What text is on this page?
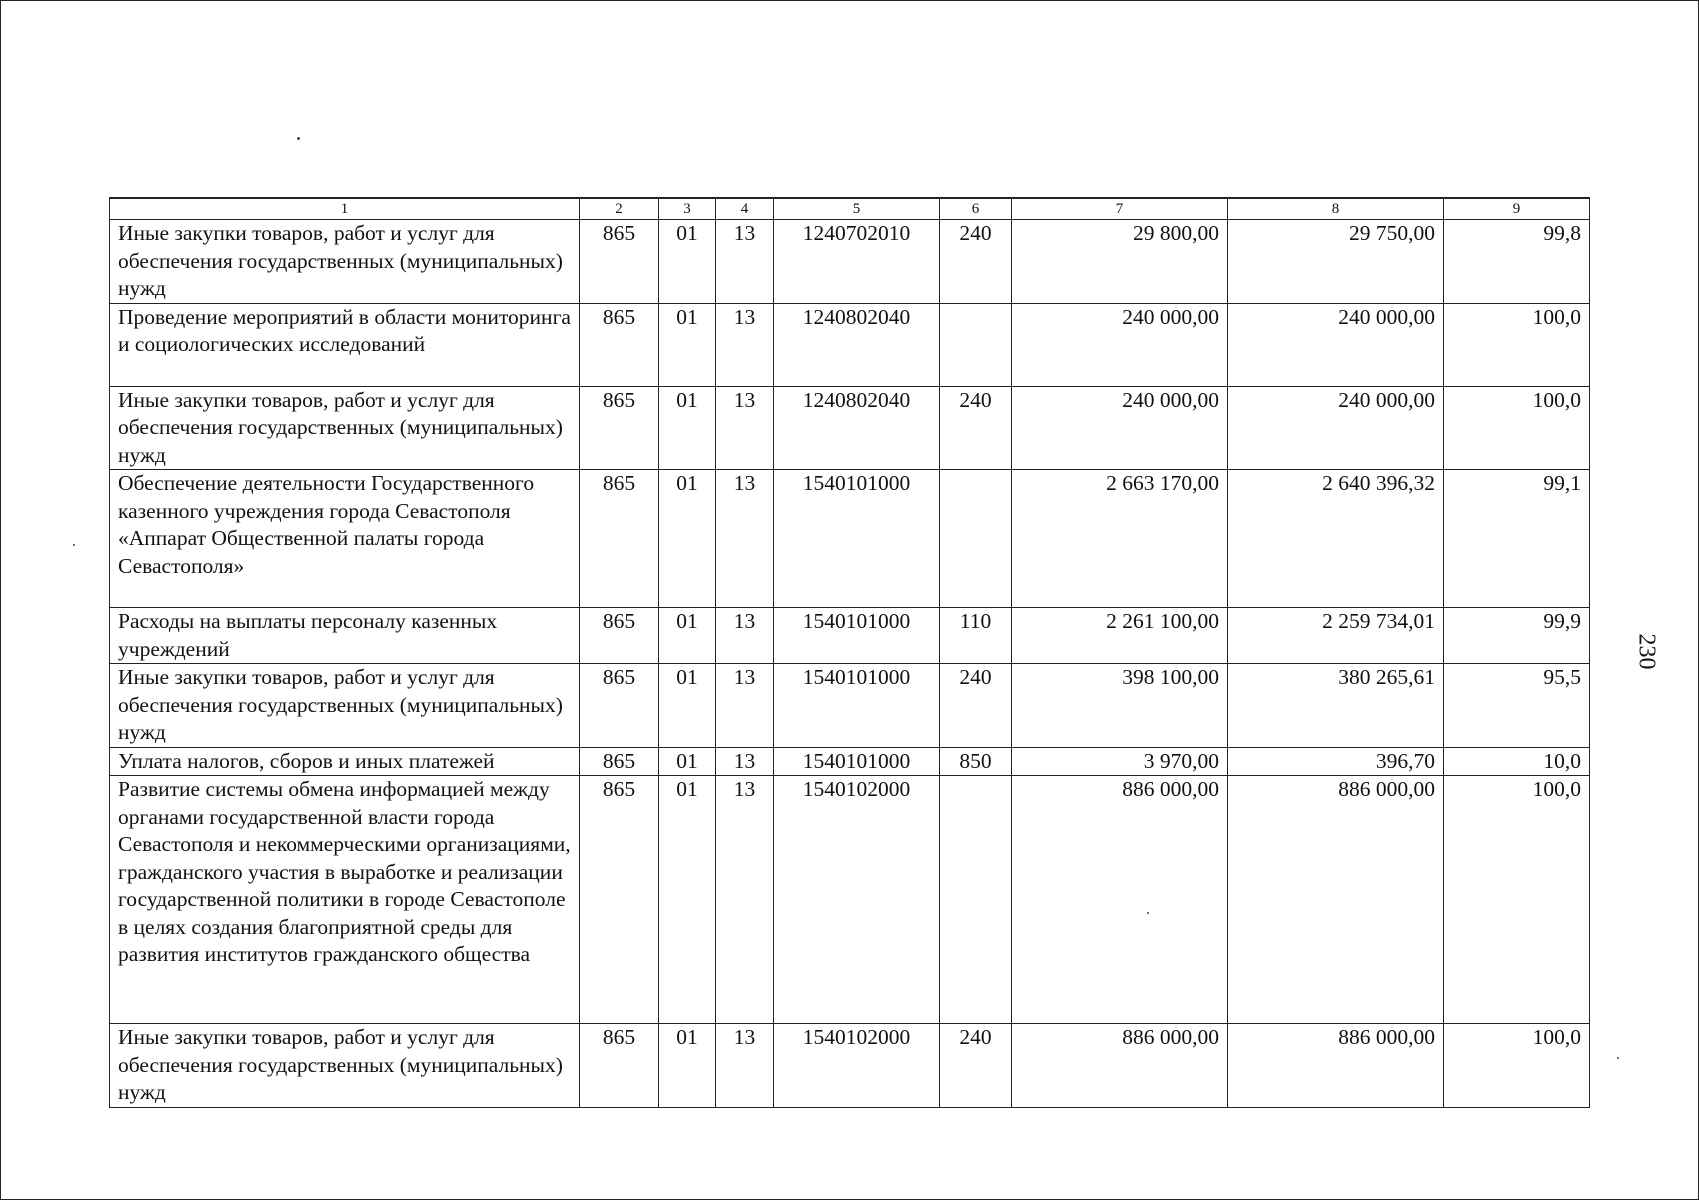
1	2	3	4	5	6	7	8	9
Иные закупки товаров, работ и услуг для обеспечения государственных (муниципальных) нужд	865	01	13	1240702010	240	29 800,00	29 750,00	99,8
Проведение мероприятий в области мониторинга и социологических исследований	865	01	13	1240802040		240 000,00	240 000,00	100,0
Иные закупки товаров, работ и услуг для обеспечения государственных (муниципальных) нужд	865	01	13	1240802040	240	240 000,00	240 000,00	100,0
Обеспечение деятельности Государственного казенного учреждения города Севастополя «Аппарат Общественной палаты города Севастополя»	865	01	13	1540101000		2 663 170,00	2 640 396,32	99,1
Расходы на выплаты персоналу казенных учреждений	865	01	13	1540101000	110	2 261 100,00	2 259 734,01	99,9
Иные закупки товаров, работ и услуг для обеспечения государственных (муниципальных) нужд	865	01	13	1540101000	240	398 100,00	380 265,61	95,5
Уплата налогов, сборов и иных платежей	865	01	13	1540101000	850	3 970,00	396,70	10,0
Развитие системы обмена информацией между органами государственной власти города Севастополя и некоммерческими организациями, гражданского участия в выработке и реализации государственной политики в городе Севастополе в целях создания благоприятной среды для развития институтов гражданского общества	865	01	13	1540102000		886 000,00	886 000,00	100,0
Иные закупки товаров, работ и услуг для обеспечения государственных (муниципальных) нужд	865	01	13	1540102000	240	886 000,00	886 000,00	100,0
230
